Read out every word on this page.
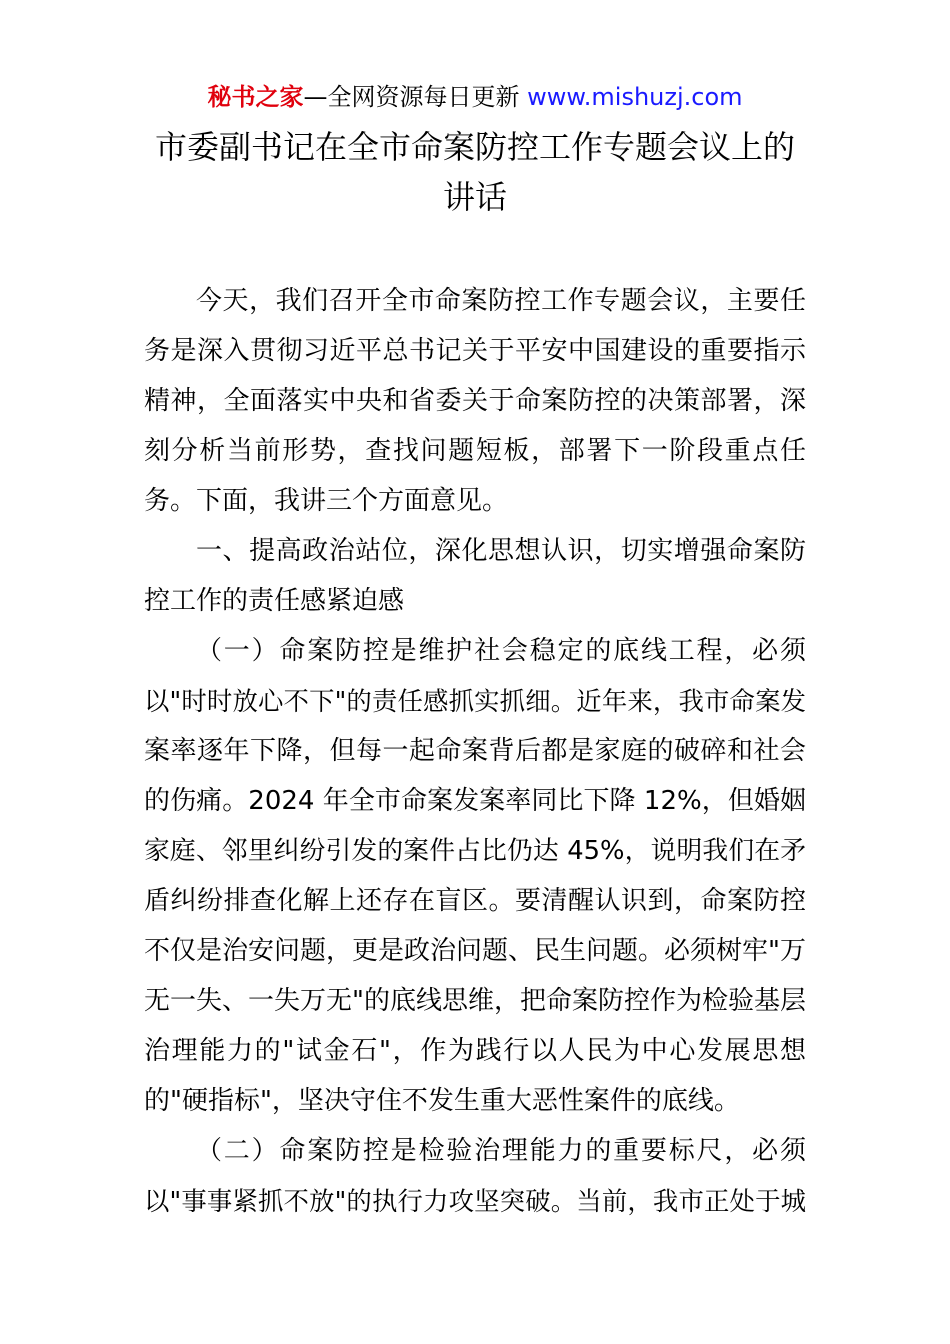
秘书之家—全网资源每日更新 www.mishuzj.com
市委副书记在全市命案防控工作专题会议上的
讲话
今天，我们召开全市命案防控工作专题会议，主要任
务是深入贯彻习近平总书记关于平安中国建设的重要指示
精神，全面落实中央和省委关于命案防控的决策部署，深
刻分析当前形势，查找问题短板，部署下一阶段重点任
务。下面，我讲三个方面意见。
一、提高政治站位，深化思想认识，切实增强命案防
控工作的责任感紧迫感
（一）命案防控是维护社会稳定的底线工程，必须
以"时时放心不下"的责任感抓实抓细。近年来，我市命案发
案率逐年下降，但每一起命案背后都是家庭的破碎和社会
的伤痛。2024 年全市命案发案率同比下降 12%，但婚姻
家庭、邻里纠纷引发的案件占比仍达 45%，说明我们在矛
盾纠纷排查化解上还存在盲区。要清醒认识到，命案防控
不仅是治安问题，更是政治问题、民生问题。必须树牢"万
无一失、一失万无"的底线思维，把命案防控作为检验基层
治理能力的"试金石"，作为践行以人民为中心发展思想
的"硬指标"，坚决守住不发生重大恶性案件的底线。
（二）命案防控是检验治理能力的重要标尺，必须
以"事事紧抓不放"的执行力攻坚突破。当前，我市正处于城
